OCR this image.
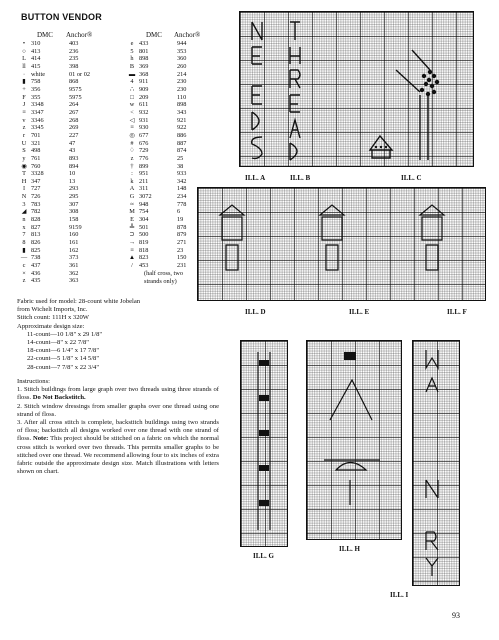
BUTTON VENDOR
DMC Anchor®	DMC Anchor®
•	310	403
○	413	236
L	414	235
ll	415	398
·	white	01 or 02
▮	758	868
+	356	9575
F	355	5975
J	3348	264
≡	3347	267
v	3346	268
z	3345	269
r	701	227
U	321	47
S	498	43
y	761	893
◉	760	894
T	3328	10
H	347	13
I	727	293
N	726	295
3	783	307
◢	782	308
n	828	158
x	827	9159
7	813	160
8	826	161
▮	825	162
—	738	373
c	437	361
×	436	362
z	435	363
e	433	944
5	801	353
h	898	360
B	369	260
▬	368	214
4	911	230
∴	909	230
□	209	110
w	611	898
<	932	343
◁	931	921
≡	930	922
◎	677	886
#	676	887
♢	729	874
z	776	25
†	899	38
:	951	933
k	211	342
A	311	148
G	3072	234
≈	948	778
M	754	6
E	304	19
╩	501	878
⊃	500	879
→	819	271
≡	818	23
▲	823	150
/	453	231
(half cross, two
strands only)

Fabric used for model: 28-count white Jobelan

from Wichelt Imports, Inc.

Stitch count: 111H x 320W

Approximate design size:

11-count—10 1/8" x 29 1/8"

14-count—8" x 22 7/8"

18-count—6 1/4" x 17 7/8"

22-count—5 1/8" x 14 5/8"

28-count—7 7/8" x 22 3/4"

Instructions:

1. Stitch buildings from large graph over two threads using three strands of floss. Do Not Backstitch.

2. Stitch window dressings from smaller graphs over one thread using one strand of floss.

3. After all cross stitch is complete, backstitch buildings using two strands of floss; backstitch all designs worked over one thread with one strand of floss. Note: This project should be stitched on a fabric on which the normal cross stitch is worked over two threads. This permits smaller graphs to be stitched over one thread. We recommend allowing four to six inches of extra fabric outside the approximate design size. Match illustrations with letters shown on chart.

ILL. A	ILL. B	ILL. C
ILL. D	ILL. E	ILL. F
ILL. G
ILL. H
ILL. I
93
